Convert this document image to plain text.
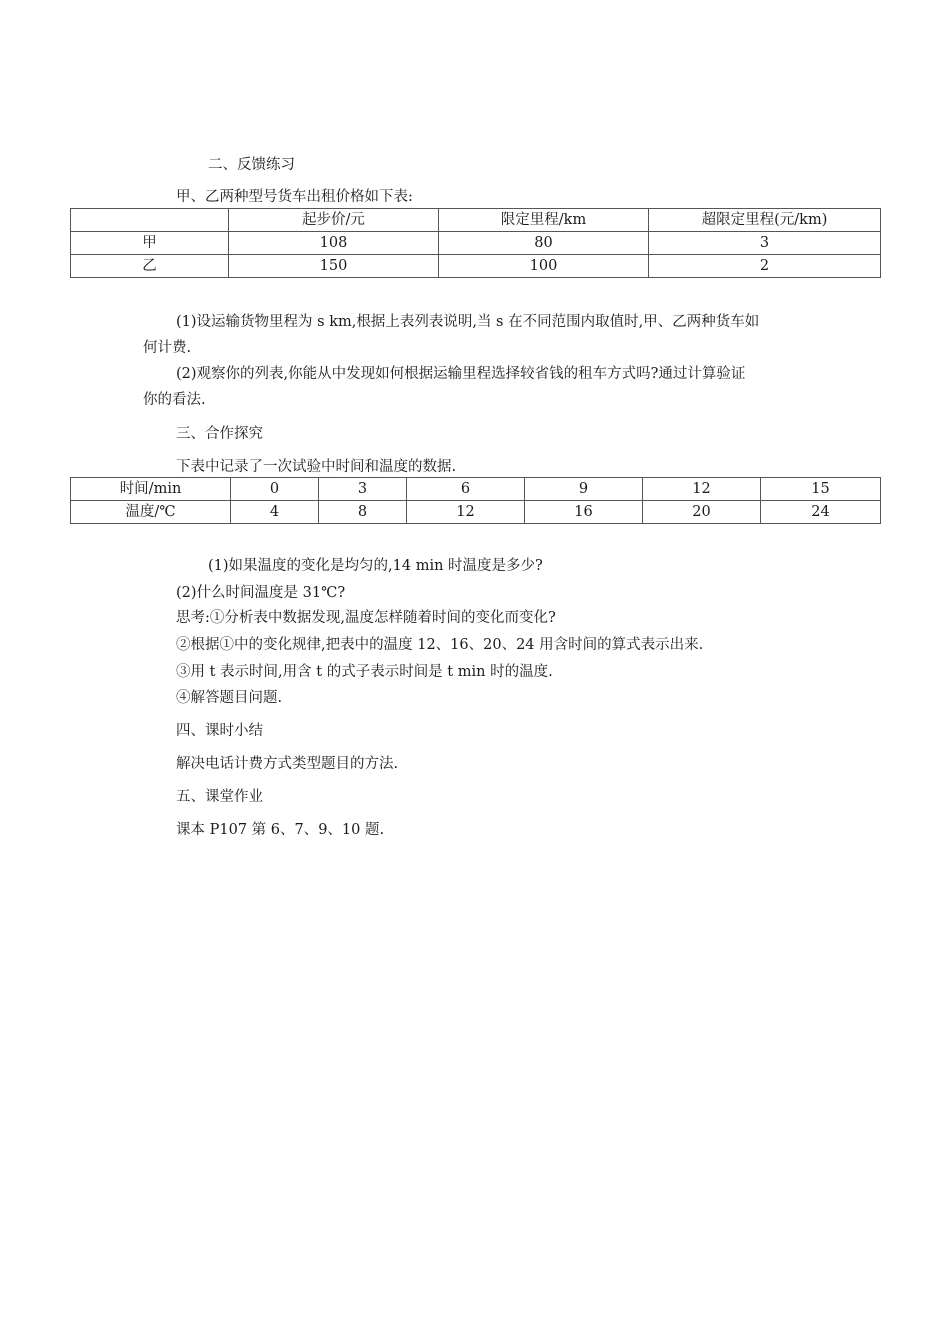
二、反馈练习
甲、乙两种型号货车出租价格如下表:
	起步价/元	限定里程/km	超限定里程(元/km)
甲	108	80	3
乙	150	100	2
(1)设运输货物里程为 s km,根据上表列表说明,当 s 在不同范围内取值时,甲、乙两种货车如
何计费.
(2)观察你的列表,你能从中发现如何根据运输里程选择较省钱的租车方式吗?通过计算验证
你的看法.
三、合作探究
下表中记录了一次试验中时间和温度的数据.
时间/min	0	3	6	9	12	15
温度/℃	4	8	12	16	20	24
(1)如果温度的变化是均匀的,14 min 时温度是多少?
(2)什么时间温度是 31℃?
思考:①分析表中数据发现,温度怎样随着时间的变化而变化?
②根据①中的变化规律,把表中的温度 12、16、20、24 用含时间的算式表示出来.
③用 t 表示时间,用含 t 的式子表示时间是 t min 时的温度.
④解答题目问题.
四、课时小结
解决电话计费方式类型题目的方法.
五、课堂作业
课本 P107 第 6、7、9、10 题.
